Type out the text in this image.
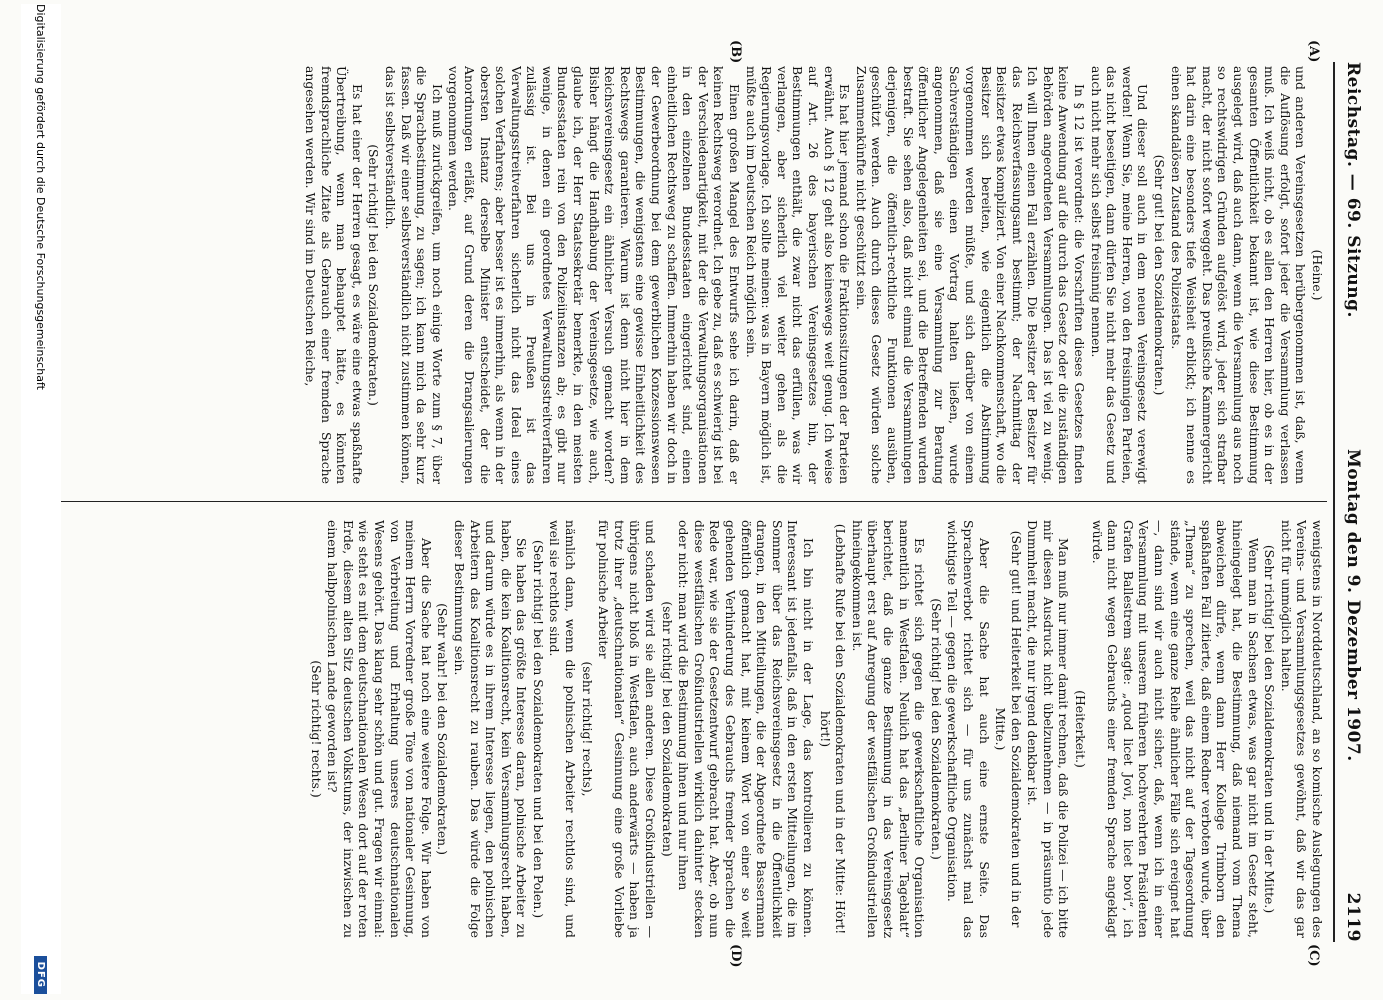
Reichstag. — 69. Sitzung.
Montag den 9. Dezember 1907.
2119
(A)
(B)
(C)
(D)

(Heine.)

und anderen Vereinsgesetzen herübergenommen ist, daß, wenn die Auflösung erfolgt, sofort jeder die Versammlung verlassen muß. Ich weiß nicht, ob es allen den Herren hier, ob es in der gesamten Öffentlichkeit bekannt ist, wie diese Bestimmung ausgelegt wird, daß auch dann, wenn die Versammlung aus noch so rechtswidrigen Gründen aufgelöst wird, jeder sich strafbar macht, der nicht sofort weggeht. Das preußische Kammergericht hat darin eine besonders tiefe Weisheit erblickt; ich nenne es einen skandalösen Zustand des Polizeistaats.

(Sehr gut! bei den Sozialdemokraten.)

Und dieser soll auch in dem neuen Vereinsgesetz verewigt werden! Wenn Sie, meine Herren, von den freisinnigen Parteien, das nicht beseitigen, dann dürfen Sie nicht mehr das Gesetz und auch nicht mehr sich selbst freisinnig nennen.

In § 12 ist verordnet: die Vorschriften dieses Gesetzes finden keine Anwendung auf die durch das Gesetz oder die zuständigen Behörden angeordneten Versammlungen. Das ist viel zu wenig. Ich will Ihnen einen Fall erzählen. Die Besitzer der Besitzer für das Reichsverfassungsamt bestimmt; der Nachmittag der Beisitzer etwas kompliziert. Von einer Nachkommenschaft, wo die Besitzer sich bereiten, wie eigentlich die Abstimmung vorgenommen werden müßte, und sich darüber von einem Sachverständigen einen Vortrag halten ließen, wurde angenommen, daß sie eine Versammlung zur Beratung öffentlicher Angelegenheiten sei, und die Betreffenden wurden bestraft. Sie sehen also, daß nicht einmal die Versammlungen derjenigen, die öffentlich-rechtliche Funktionen ausüben, geschützt werden. Auch durch dieses Gesetz würden solche Zusammenkünfte nicht geschützt sein.

Es hat hier jemand schon die Fraktionssitzungen der Parteien erwähnt. Auch § 12 geht also keineswegs weit genug. Ich weise auf Art. 26 des bayerischen Vereinsgesetzes hin, der Bestimmungen enthält, die zwar nicht das erfüllen, was wir verlangen, aber sicherlich viel weiter gehen als die Regierungsvorlage. Ich sollte meinen: was in Bayern möglich ist, müßte auch im Deutschen Reich möglich sein.

Einen großen Mangel des Entwurfs sehe ich darin, daß er keinen Rechtsweg verordnet. Ich gebe zu, daß es schwierig ist bei der Verschiedenartigkeit, mit der die Verwaltungsorganisationen in den einzelnen Bundesstaaten eingerichtet sind, einen einheitlichen Rechtsweg zu schaffen. Immerhin haben wir doch in der Gewerbeordnung bei dem gewerblichen Konzessionswesen Bestimmungen, die wenigstens eine gewisse Einheitlichkeit des Rechtswegs garantieren. Warum ist denn nicht hier in dem Reichsvereinsgesetz ein ähnlicher Versuch gemacht worden? Bisher hängt die Handhabung der Vereinsgesetze, wie auch, glaube ich, der Herr Staatssekretär bemerkte, in den meisten Bundesstaaten rein von den Polizeiinstanzen ab; es gibt nur wenige, in denen ein geordnetes Verwaltungsstreitverfahren zulässig ist. Bei uns in Preußen ist das Verwaltungsstreitverfahren sicherlich nicht das Ideal eines solchen Verfahrens; aber besser ist es immerhin, als wenn in der obersten Instanz derselbe Minister entscheidet, der die Anordnungen erläßt, auf Grund deren die Drangsalierungen vorgenommen werden.

Ich muß zurückgreifen, um noch einige Worte zum § 7, über die Sprachbestimmung, zu sagen; ich kann mich da sehr kurz fassen. Daß wir einer selbstverständlich nicht zustimmen können, das ist selbstverständlich.

(Sehr richtig! bei den Sozialdemokraten.)

Es hat einer der Herren gesagt, es wäre eine etwas spaßhafte Übertreibung, wenn man behauptet hätte, es könnten fremdsprachliche Zitate als Gebrauch einer fremden Sprache angesehen werden. Wir sind im Deutschen Reiche,

wenigstens in Norddeutschland, an so komische Auslegungen des Vereins- und Versammlungsgesetzes gewöhnt, daß wir das gar nicht für unmöglich halten.

(Sehr richtig! bei den Sozialdemokraten und in der Mitte.)

Wenn man in Sachsen etwas, was gar nicht im Gesetz steht, hineingelegt hat, die Bestimmung, daß niemand vom Thema abweichen dürfe, wenn dann Herr Kollege Trimborn den spaßhaften Fall zitierte, daß einem Redner verboten wurde, über „Thema“ zu sprechen, weil das nicht auf der Tagesordnung stände, wenn eine ganze Reihe ähnlicher Fälle sich ereignet hat —, dann sind wir auch nicht sicher, daß, wenn ich in einer Versammlung mit unserem früheren hochverehrten Präsidenten Grafen Ballestrem sagte: „quod licet Jovi, non licet bovi“, ich dann nicht wegen Gebrauchs einer fremden Sprache angeklagt würde.

(Heiterkeit.)

Man muß nur immer damit rechnen, daß die Polizei — ich bitte mir diesen Ausdruck nicht übelzunehmen — in präsumtio jede Dummheit macht, die nur irgend denkbar ist.

(Sehr gut! und Heiterkeit bei den Sozialdemokraten und in der Mitte.)

Aber die Sache hat auch eine ernste Seite. Das Sprachenverbot richtet sich — für uns zunächst mal das wichtigste Teil — gegen die gewerkschaftliche Organisation.

(Sehr richtig! bei den Sozialdemokraten.)

Es richtet sich gegen die gewerkschaftliche Organisation namentlich in Westfalen. Neulich hat das „Berliner Tageblatt“ berichtet, daß die ganze Bestimmung in das Vereinsgesetz überhaupt erst auf Anregung der westfälischen Großindustriellen hineingekommen ist.

(Lebhafte Rufe bei den Sozialdemokraten und in der Mitte: Hört! hört!)

Ich bin nicht in der Lage, das kontrollieren zu können. Interessant ist jedenfalls, daß in den ersten Mitteilungen, die im Sommer über das Reichsvereinsgesetz in die Öffentlichkeit drangen, in den Mitteilungen, die der Abgeordnete Bassermann öffentlich gemacht hat, mit keinem Wort von einer so weit gehenden Verhinderung des Gebrauchs fremder Sprachen die Rede war, wie sie der Gesetzentwurf gebracht hat. Aber, ob nun diese westfälischen Großindustriellen wirklich dahinter stecken oder nicht: man wird die Bestimmung ihnen und nur ihnen

(sehr richtig! bei den Sozialdemokraten)

und schaden wird sie allen anderen. Diese Großindustriellen — übrigens nicht bloß in Westfalen, auch anderwärts — haben ja trotz ihrer „deutschnationalen“ Gesinnung eine große Vorliebe für polnische Arbeiter

(sehr richtig! rechts),

nämlich dann, wenn die polnischen Arbeiter rechtlos sind, und weil sie rechtlos sind.

(Sehr richtig! bei den Sozialdemokraten und bei den Polen.)

Sie haben das größte Interesse daran, polnische Arbeiter zu haben, die kein Koalitionsrecht, kein Versammlungsrecht haben, und darum würde es in ihrem Interesse liegen, den polnischen Arbeitern das Koalitionsrecht zu rauben. Das würde die Folge dieser Bestimmung sein.

(Sehr wahr! bei den Sozialdemokraten.)

Aber die Sache hat noch eine weitere Folge. Wir haben von meinem Herrn Vorredner große Töne von nationaler Gesinnung, von Verbreitung und Erhaltung unseres deutschnationalen Wesens gehört. Das klang sehr schön und gut. Fragen wir einmal: wie steht es mit dem deutschnationalen Wesen dort auf der roten Erde, diesem alten Sitz deutschen Volkstums, der inzwischen zu einem halbpolnischen Lande geworden ist?

(Sehr richtig! rechts.)

Digitalisierung gefördert durch die Deutsche Forschungsgemeinschaft
DFG
